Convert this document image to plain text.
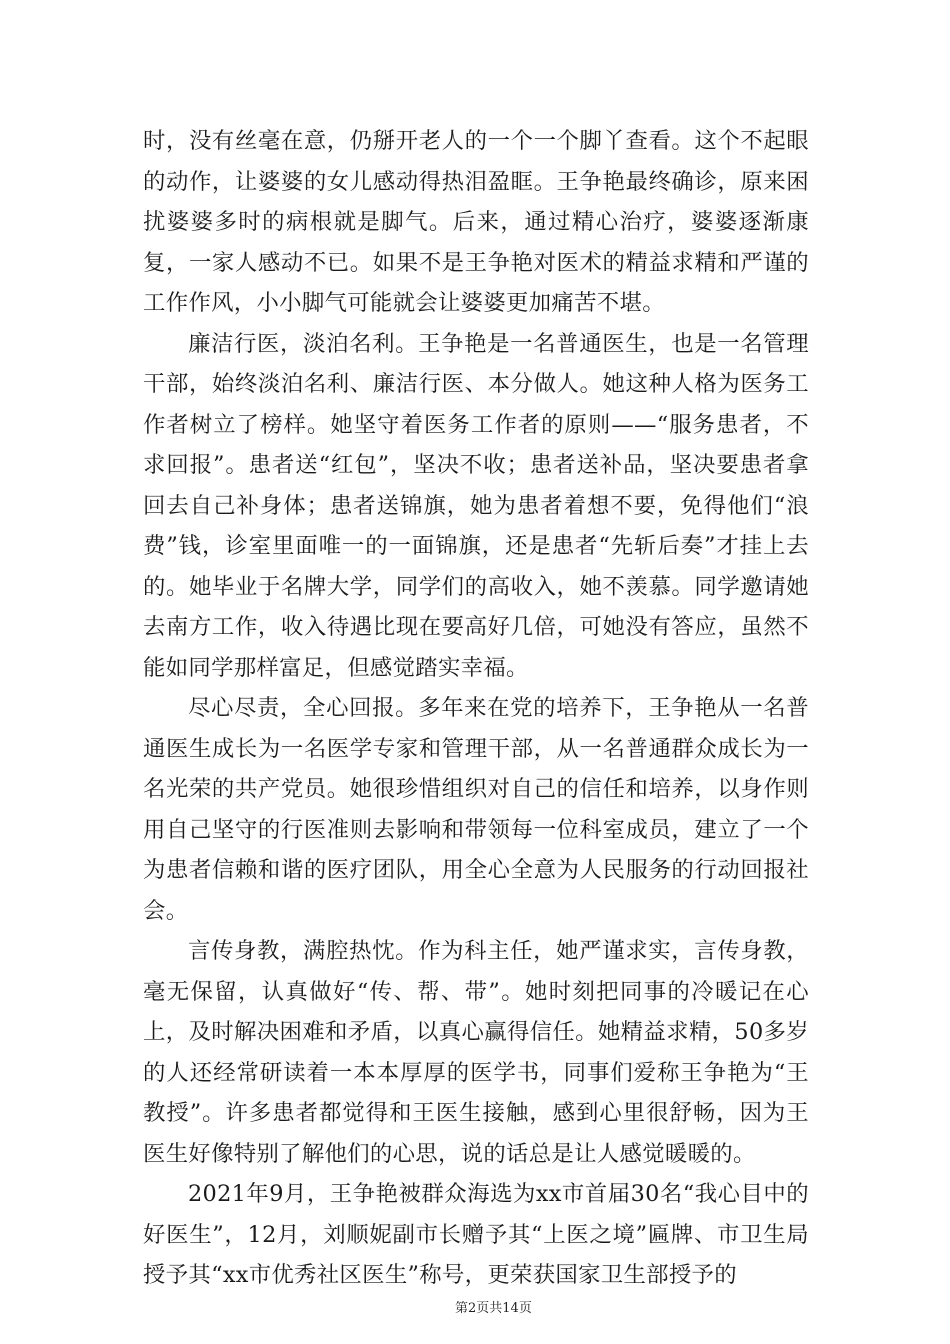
时，没有丝毫在意，仍掰开老人的一个一个脚丫查看。这个不起眼的动作，让婆婆的女儿感动得热泪盈眶。王争艳最终确诊，原来困扰婆婆多时的病根就是脚气。后来，通过精心治疗，婆婆逐渐康复，一家人感动不已。如果不是王争艳对医术的精益求精和严谨的工作作风，小小脚气可能就会让婆婆更加痛苦不堪。

廉洁行医，淡泊名利。王争艳是一名普通医生，也是一名管理干部，始终淡泊名利、廉洁行医、本分做人。她这种人格为医务工作者树立了榜样。她坚守着医务工作者的原则——“服务患者，不求回报”。患者送“红包”，坚决不收；患者送补品，坚决要患者拿回去自己补身体；患者送锦旗，她为患者着想不要，免得他们“浪费”钱，诊室里面唯一的一面锦旗，还是患者“先斩后奏”才挂上去的。她毕业于名牌大学，同学们的高收入，她不羡慕。同学邀请她去南方工作，收入待遇比现在要高好几倍，可她没有答应，虽然不能如同学那样富足，但感觉踏实幸福。

尽心尽责，全心回报。多年来在党的培养下，王争艳从一名普通医生成长为一名医学专家和管理干部，从一名普通群众成长为一名光荣的共产党员。她很珍惜组织对自己的信任和培养，以身作则用自己坚守的行医准则去影响和带领每一位科室成员，建立了一个为患者信赖和谐的医疗团队，用全心全意为人民服务的行动回报社会。

言传身教，满腔热忱。作为科主任，她严谨求实，言传身教，毫无保留，认真做好“传、帮、带”。她时刻把同事的冷暖记在心上，及时解决困难和矛盾，以真心赢得信任。她精益求精，50多岁的人还经常研读着一本本厚厚的医学书，同事们爱称王争艳为“王教授”。许多患者都觉得和王医生接触，感到心里很舒畅，因为王医生好像特别了解他们的心思，说的话总是让人感觉暖暖的。

2021年9月，王争艳被群众海选为xx市首届30名“我心目中的好医生”，12月，刘顺妮副市长赠予其“上医之境”匾牌、市卫生局授予其“xx市优秀社区医生”称号，更荣获国家卫生部授予的

第2页共14页
